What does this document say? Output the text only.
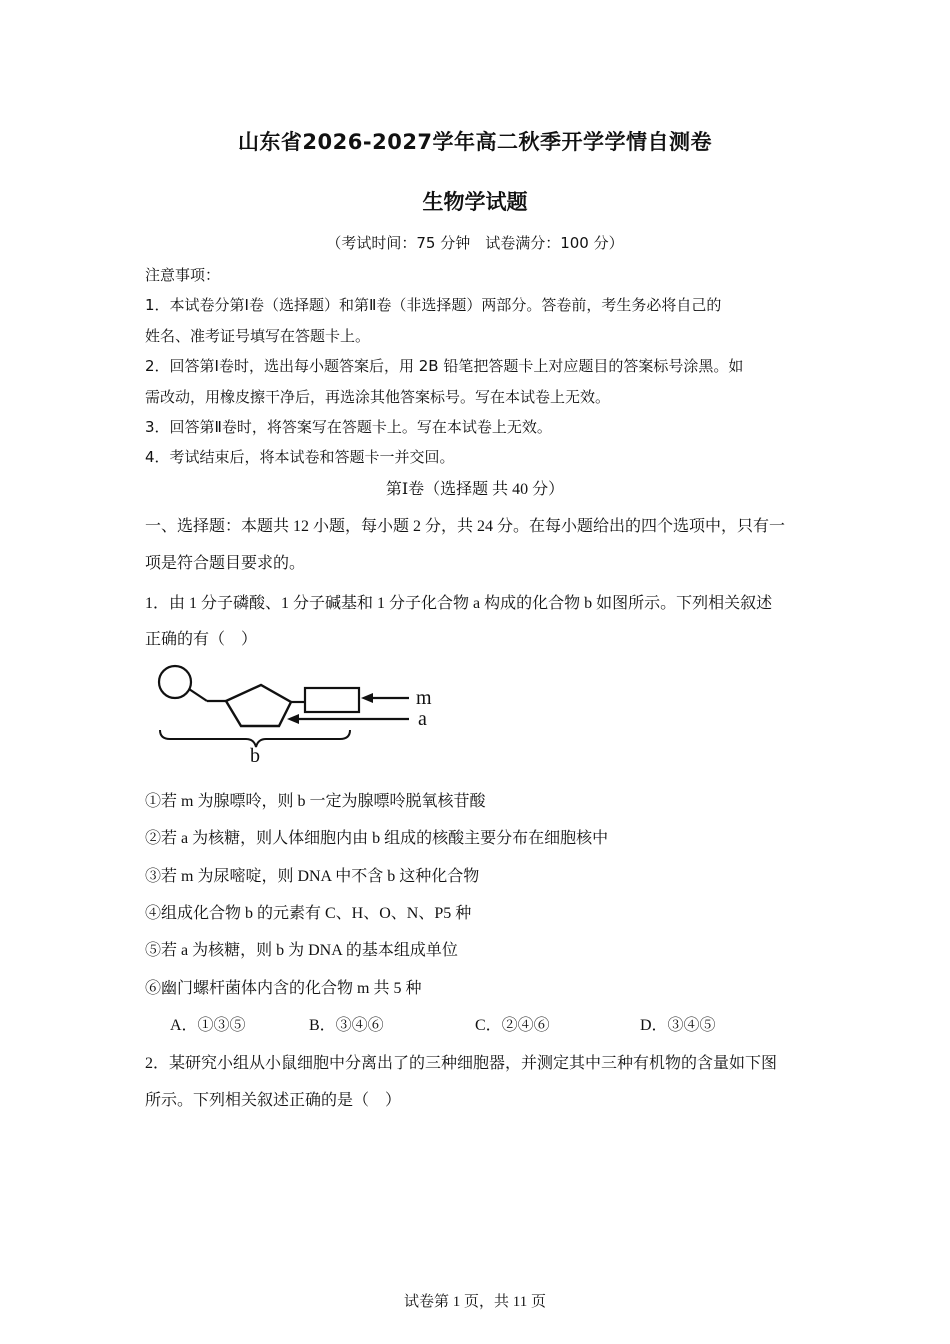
山东省2026-2027学年高二秋季开学学情自测卷
生物学试题
（考试时间：75 分钟　试卷满分：100 分）
注意事项：
1．本试卷分第Ⅰ卷（选择题）和第Ⅱ卷（非选择题）两部分。答卷前，考生务必将自己的
姓名、准考证号填写在答题卡上。
2．回答第Ⅰ卷时，选出每小题答案后，用 2B 铅笔把答题卡上对应题目的答案标号涂黑。如
需改动，用橡皮擦干净后，再选涂其他答案标号。写在本试卷上无效。
3．回答第Ⅱ卷时，将答案写在答题卡上。写在本试卷上无效。
4．考试结束后，将本试卷和答题卡一并交回。
第Ⅰ卷（选择题 共 40 分）
一、选择题：本题共 12 小题，每小题 2 分，共 24 分。在每小题给出的四个选项中，只有一
项是符合题目要求的。
1．由 1 分子磷酸、1 分子碱基和 1 分子化合物 a 构成的化合物 b 如图所示。下列相关叙述
正确的有（　）
m
a
b
①若 m 为腺嘌呤，则 b 一定为腺嘌呤脱氧核苷酸
②若 a 为核糖，则人体细胞内由 b 组成的核酸主要分布在细胞核中
③若 m 为尿嘧啶，则 DNA 中不含 b 这种化合物
④组成化合物 b 的元素有 C、H、O、N、P5 种
⑤若 a 为核糖，则 b 为 DNA 的基本组成单位
⑥幽门螺杆菌体内含的化合物 m 共 5 种
A．①③⑤	B．③④⑥	C．②④⑥	D．③④⑤
2．某研究小组从小鼠细胞中分离出了的三种细胞器，并测定其中三种有机物的含量如下图
所示。下列相关叙述正确的是（　）
试卷第 1 页，共 11 页
